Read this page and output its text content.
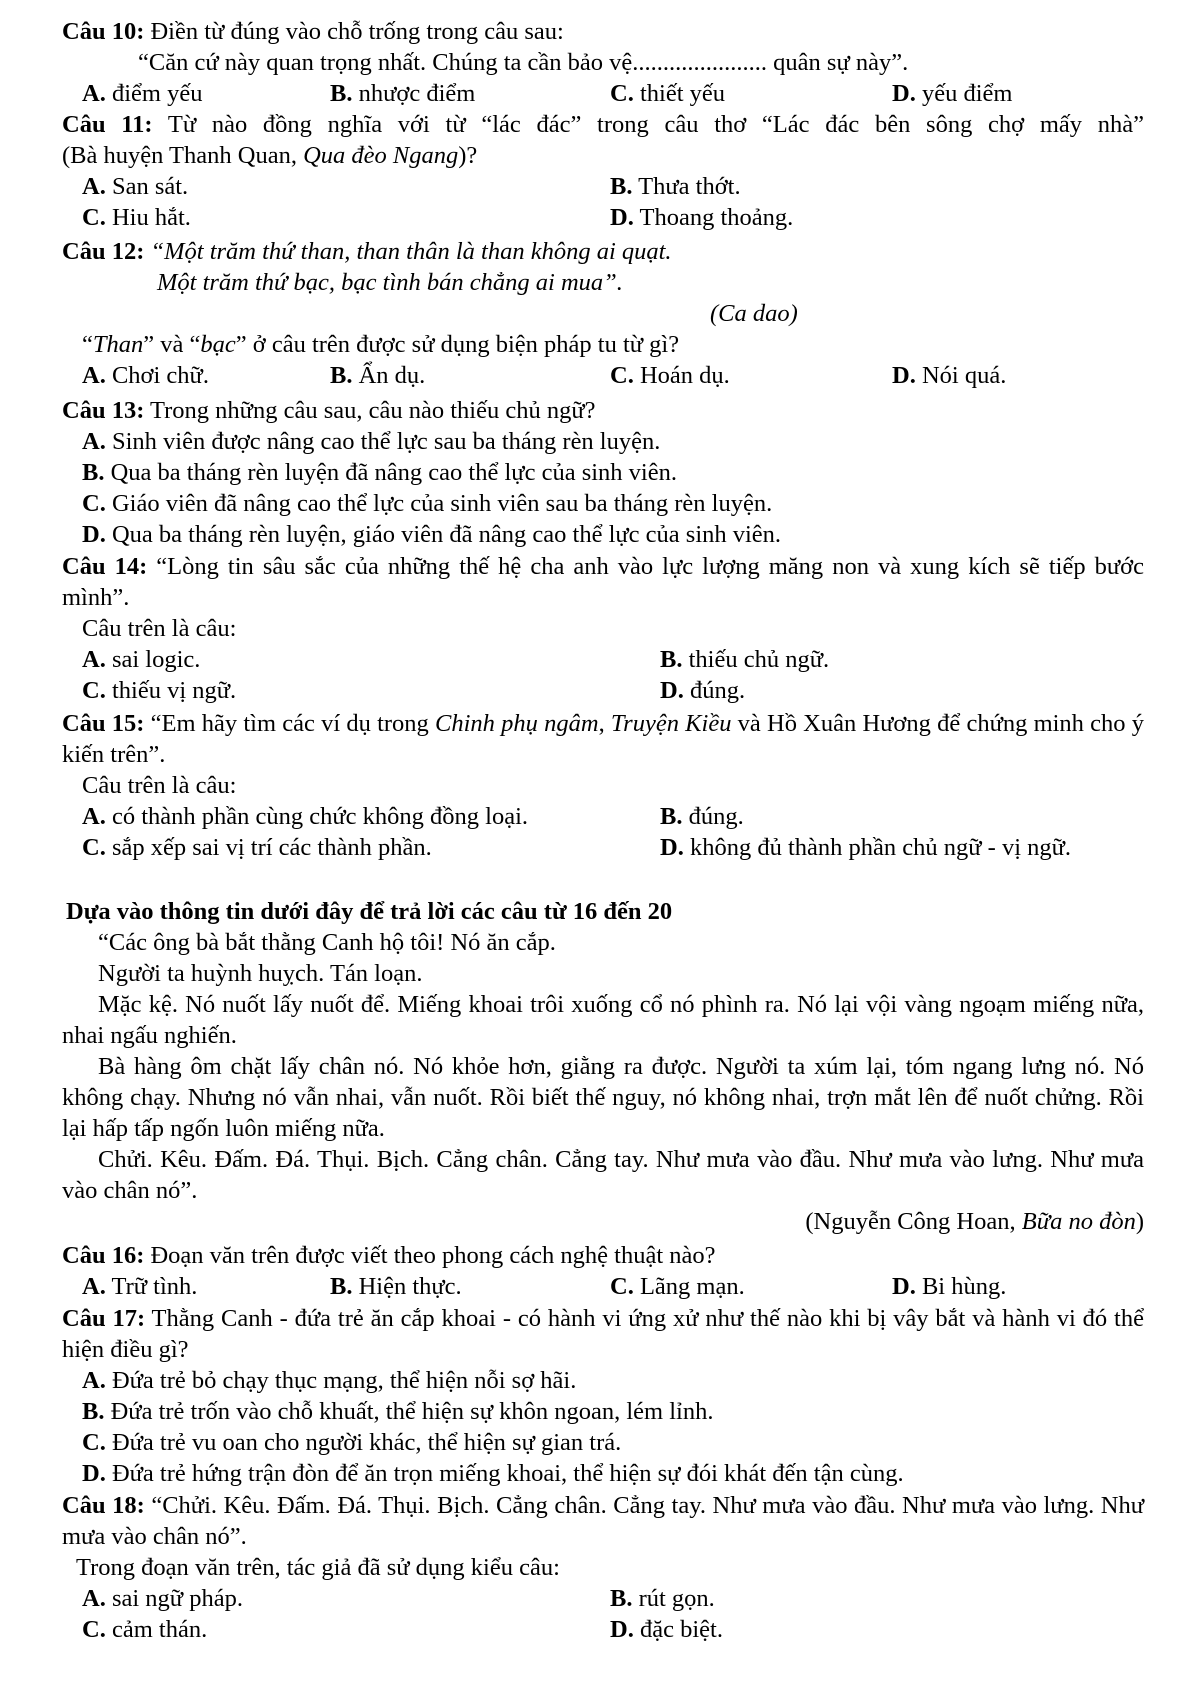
Câu 10: Điền từ đúng vào chỗ trống trong câu sau:
“Căn cứ này quan trọng nhất. Chúng ta cần bảo vệ...................... quân sự này”.
A. điểm yếu	B. nhược điểm	C. thiết yếu	D. yếu điểm
Câu 11: Từ nào đồng nghĩa với từ “lác đác” trong câu thơ “Lác đác bên sông chợ mấy nhà”
(Bà huyện Thanh Quan, Qua đèo Ngang)?
A. San sát.	B. Thưa thớt.
C. Hiu hắt.	D. Thoang thoảng.
Câu 12: “Một trăm thứ than, than thân là than không ai quạt.
Một trăm thứ bạc, bạc tình bán chẳng ai mua”.
(Ca dao)
“Than” và “bạc” ở câu trên được sử dụng biện pháp tu từ gì?
A. Chơi chữ.	B. Ẩn dụ.	C. Hoán dụ.	D. Nói quá.
Câu 13: Trong những câu sau, câu nào thiếu chủ ngữ?
A. Sinh viên được nâng cao thể lực sau ba tháng rèn luyện.
B. Qua ba tháng rèn luyện đã nâng cao thể lực của sinh viên.
C. Giáo viên đã nâng cao thể lực của sinh viên sau ba tháng rèn luyện.
D. Qua ba tháng rèn luyện, giáo viên đã nâng cao thể lực của sinh viên.
Câu 14: “Lòng tin sâu sắc của những thế hệ cha anh vào lực lượng măng non và xung kích sẽ tiếp bước mình”.
Câu trên là câu:
A. sai logic.	B. thiếu chủ ngữ.
C. thiếu vị ngữ.	D. đúng.
Câu 15: “Em hãy tìm các ví dụ trong Chinh phụ ngâm, Truyện Kiều và Hồ Xuân Hương để chứng minh cho ý kiến trên”.
Câu trên là câu:
A. có thành phần cùng chức không đồng loại.	B. đúng.
C. sắp xếp sai vị trí các thành phần.	D. không đủ thành phần chủ ngữ - vị ngữ.
Dựa vào thông tin dưới đây để trả lời các câu từ 16 đến 20
“Các ông bà bắt thằng Canh hộ tôi! Nó ăn cắp.
Người ta huỳnh huỵch. Tán loạn.
Mặc kệ. Nó nuốt lấy nuốt để. Miếng khoai trôi xuống cổ nó phình ra. Nó lại vội vàng ngoạm miếng nữa, nhai ngấu nghiến.
Bà hàng ôm chặt lấy chân nó. Nó khỏe hơn, giằng ra được. Người ta xúm lại, tóm ngang lưng nó. Nó không chạy. Nhưng nó vẫn nhai, vẫn nuốt. Rồi biết thế nguy, nó không nhai, trợn mắt lên để nuốt chửng. Rồi lại hấp tấp ngốn luôn miếng nữa.
Chửi. Kêu. Đấm. Đá. Thụi. Bịch. Cẳng chân. Cẳng tay. Như mưa vào đầu. Như mưa vào lưng. Như mưa vào chân nó”.
(Nguyễn Công Hoan, Bữa no đòn)
Câu 16: Đoạn văn trên được viết theo phong cách nghệ thuật nào?
A. Trữ tình.	B. Hiện thực.	C. Lãng mạn.	D. Bi hùng.
Câu 17: Thằng Canh - đứa trẻ ăn cắp khoai - có hành vi ứng xử như thế nào khi bị vây bắt và hành vi đó thể hiện điều gì?
A. Đứa trẻ bỏ chạy thục mạng, thể hiện nỗi sợ hãi.
B. Đứa trẻ trốn vào chỗ khuất, thể hiện sự khôn ngoan, lém lỉnh.
C. Đứa trẻ vu oan cho người khác, thể hiện sự gian trá.
D. Đứa trẻ hứng trận đòn để ăn trọn miếng khoai, thể hiện sự đói khát đến tận cùng.
Câu 18: “Chửi. Kêu. Đấm. Đá. Thụi. Bịch. Cẳng chân. Cẳng tay. Như mưa vào đầu. Như mưa vào lưng. Như mưa vào chân nó”.
Trong đoạn văn trên, tác giả đã sử dụng kiểu câu:
A. sai ngữ pháp.	B. rút gọn.
C. cảm thán.	D. đặc biệt.
